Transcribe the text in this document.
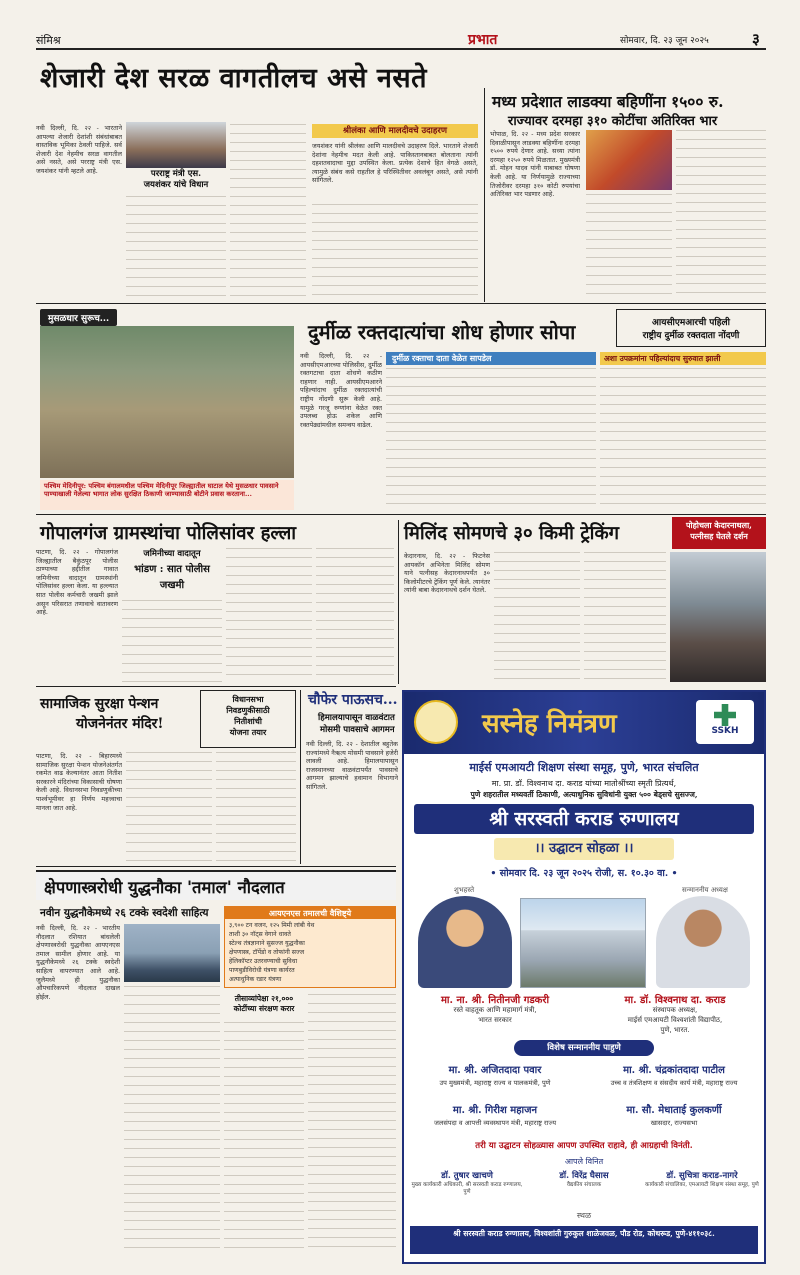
संमिश्र	प्रभात	सोमवार, दि. २३ जून २०२५	३
शेजारी देश सरळ वागतीलच असे नसते
परराष्ट्र मंत्री एस.
जयशंकर यांचे विधान
नवी दिल्ली, दि. २२ - भारताने आपल्या शेजारी देशांशी संबंधांबाबत वास्तविक भूमिका ठेवली पाहिजे. सर्व शेजारी देश नेहमीच सरळ वागतील असे नसते, असे परराष्ट्र मंत्री एस. जयशंकर यांनी म्हटले आहे.
श्रीलंका आणि मालदीवचे उदाहरण
जयशंकर यांनी श्रीलंका आणि मालदीवचे उदाहरण दिले. भारताने शेजारी देशांना नेहमीच मदत केली आहे. पाकिस्तानबाबत बोलताना त्यांनी दहशतवादाचा मुद्दा उपस्थित केला. प्रत्येक देशाचे हित वेगळे असते, त्यामुळे संबंध कसे राहतील हे परिस्थितीवर अवलंबून असते, असे त्यांनी सांगितले.
मध्य प्रदेशात लाडक्या बहिणींना १५०० रु.
राज्यावर दरमहा ३१० कोटींचा अतिरिक्त भार
भोपाळ, दि. २२ - मध्य प्रदेश सरकार दिवाळीपासून लाडक्या बहिणींना दरमहा १५०० रुपये देणार आहे. सध्या त्यांना दरमहा १२५० रुपये मिळतात. मुख्यमंत्री डॉ. मोहन यादव यांनी याबाबत घोषणा केली आहे. या निर्णयामुळे राज्याच्या तिजोरीवर दरमहा ३१० कोटी रुपयांचा अतिरिक्त भार पडणार आहे.
मुसळधार सुरूच...
पश्चिम मेदिनीपूर: पश्चिम बंगालमधील पश्चिम मेदिनीपूर जिल्ह्यातील घाटाल येथे मुसळधार पावसाने पाण्याखाली गेलेल्या भागात लोक सुरक्षित ठिकाणी जाण्यासाठी बोटीने प्रवास करताना...
दुर्मीळ रक्तदात्यांचा शोध होणार सोपा	आयसीएमआरची पहिली
राष्ट्रीय दुर्मीळ रक्तदाता नोंदणी
नवी दिल्ली, दि. २२ - आयसीएमआरच्या पोलिसीस, दुर्मीळ रक्तगटाचा दाता शोधणे कठीण राहणार नाही. आयसीएमआरने पहिल्यांदाच दुर्मीळ रक्तदात्यांची राष्ट्रीय नोंदणी सुरू केली आहे. यामुळे गरजू रुग्णांना वेळेत रक्त उपलब्ध होऊ शकेल आणि रक्तपेढ्यांमधील समन्वय वाढेल.
दुर्मीळ रक्ताचा दाता वेळेत सापडेल	अशा उपक्रमांना पहिल्यांदाच सुरुवात झाली
गोपालगंज ग्रामस्थांचा पोलिसांवर हल्ला
पाटणा, दि. २२ - गोपालगंज जिल्ह्यातील बैकुंठपूर पोलीस ठाण्याच्या हद्दीतील गावात जमिनीच्या वादातून ग्रामस्थांनी पोलिसांवर हल्ला केला. या हल्ल्यात सात पोलीस कर्मचारी जखमी झाले असून परिसरात तणावाचे वातावरण आहे.
जमिनीच्या वादातून
भांडण : सात पोलीस
जखमी
मिलिंद सोमणचे ३० किमी ट्रेकिंग	पोहोचला केदारनाथला,
पत्नीसह घेतले दर्शन
केदारनाथ, दि. २२ - फिटनेस आयकॉन अभिनेता मिलिंद सोमण याने पत्नीसह केदारनाथपर्यंत ३० किलोमीटरचे ट्रेकिंग पूर्ण केले. त्यानंतर त्यांनी बाबा केदारनाथचे दर्शन घेतले.
सामाजिक सुरक्षा पेन्शन
योजनेनंतर मंदिर!
विधानसभा
निवडणुकीसाठी
नितीशांची
योजना तयार
पाटणा, दि. २२ - बिहारमध्ये सामाजिक सुरक्षा पेन्शन योजनेअंतर्गत रकमेत वाढ केल्यानंतर आता नितीश सरकारने मंदिरांच्या विकासाची घोषणा केली आहे. विधानसभा निवडणुकीच्या पार्श्वभूमीवर हा निर्णय महत्त्वाचा मानला जात आहे.
चौफेर पाऊसच...
हिमालयापासून वाळवंटात
मोसमी पावसाचे आगमन
नवी दिल्ली, दि. २२ - देशातील बहुतेक राज्यांमध्ये नैऋत्य मोसमी पावसाने हजेरी लावली आहे. हिमालयापासून राजस्थानच्या वाळवंटापर्यंत पावसाचे आगमन झाल्याचे हवामान विभागाने सांगितले.
क्षेपणास्त्ररोधी युद्धनौका 'तमाल' नौदलात
नवीन युद्धनौकेमध्ये २६ टक्के स्वदेशी साहित्य
नवी दिल्ली, दि. २२ - भारतीय नौदलात रशियात बांधलेली क्षेपणास्त्ररोधी युद्धनौका आयएनएस तमाल सामील होणार आहे. या युद्धनौकेमध्ये २६ टक्के स्वदेशी साहित्य वापरण्यात आले आहे. जुलैमध्ये ही युद्धनौका औपचारिकपणे नौदलात दाखल होईल.
आयएनएस तमालची वैशिष्ट्ये
३,९०० टन वजन, १२५ मिमी लांबी येथ
ताशी ३० नॉट्स वेगाने धावते
स्टेल्थ तंत्रज्ञानाने सुसज्ज युद्धनौका
क्षेपणास्त्र, टॉर्पेडो व तोफांनी सज्ज
हेलिकॉप्टर उतरवण्याची सुविधा
पाणबुडीविरोधी यंत्रणा कार्यरत
अत्याधुनिक रडार यंत्रणा
तीसाव्यांपेक्षा २१,०००
कोटींच्या संरक्षण करार
सस्नेह निमंत्रण	SSKH
माईर्स एमआयटी शिक्षण संस्था समूह, पुणे, भारत संचलित
मा. प्रा. डॉ. विश्वनाथ दा. कराड यांच्या मातोश्रींच्या स्मृती प्रित्यर्थ,
पुणे शहरातील मध्यवर्ती ठिकाणी, अत्याधुनिक सुविधांनी युक्त ५०० बेड्सचे सुसज्ज,
श्री सरस्वती कराड रुग्णालय
।। उद्घाटन सोहळा ।।
• सोमवार दि. २३ जून २०२५ रोजी, स. १०.३० वा. •
शुभहस्ते	सन्माननीय अध्यक्ष
मा. ना. श्री. नितीनजी गडकरी
रस्ते वाहतूक आणि महामार्ग मंत्री,
भारत सरकार
मा. डॉ. विश्वनाथ दा. कराड
संस्थापक अध्यक्ष,
माईर्स एमआयटी विश्वशांती विद्यापीठ,
पुणे, भारत.
विशेष सन्माननीय पाहुणे
मा. श्री. अजितदादा पवार
उप मुख्यमंत्री, महाराष्ट्र राज्य व पालकमंत्री, पुणे
मा. श्री. चंद्रकांतदादा पाटील
उच्च व तंत्रशिक्षण व संसदीय कार्य मंत्री, महाराष्ट्र राज्य
मा. श्री. गिरीश महाजन
जलसंपदा व आपत्ती व्यवस्थापन मंत्री, महाराष्ट्र राज्य
मा. सौ. मेधाताई कुलकर्णी
खासदार, राज्यसभा
तरी या उद्घाटन सोहळ्यास आपण उपस्थित राहावे, ही आग्रहाची विनंती.
आपले विनित
डॉ. तुषार खाचणे
मुख्य कार्यकारी अधिकारी, श्री सरस्वती कराड रुग्णालय, पुणे
डॉ. विरेंद्र घैसास
वैद्यकीय संचालक
डॉ. सुचित्रा कराड-नागरे
कार्यकारी संचालिका, एमआयटी शिक्षण संस्था समूह, पुणे
स्थळ
श्री सरस्वती कराड रुग्णालय, विश्वशांती गुरुकुल शाळेजवळ, पौड रोड, कोथरूड, पुणे-४११०३८.
